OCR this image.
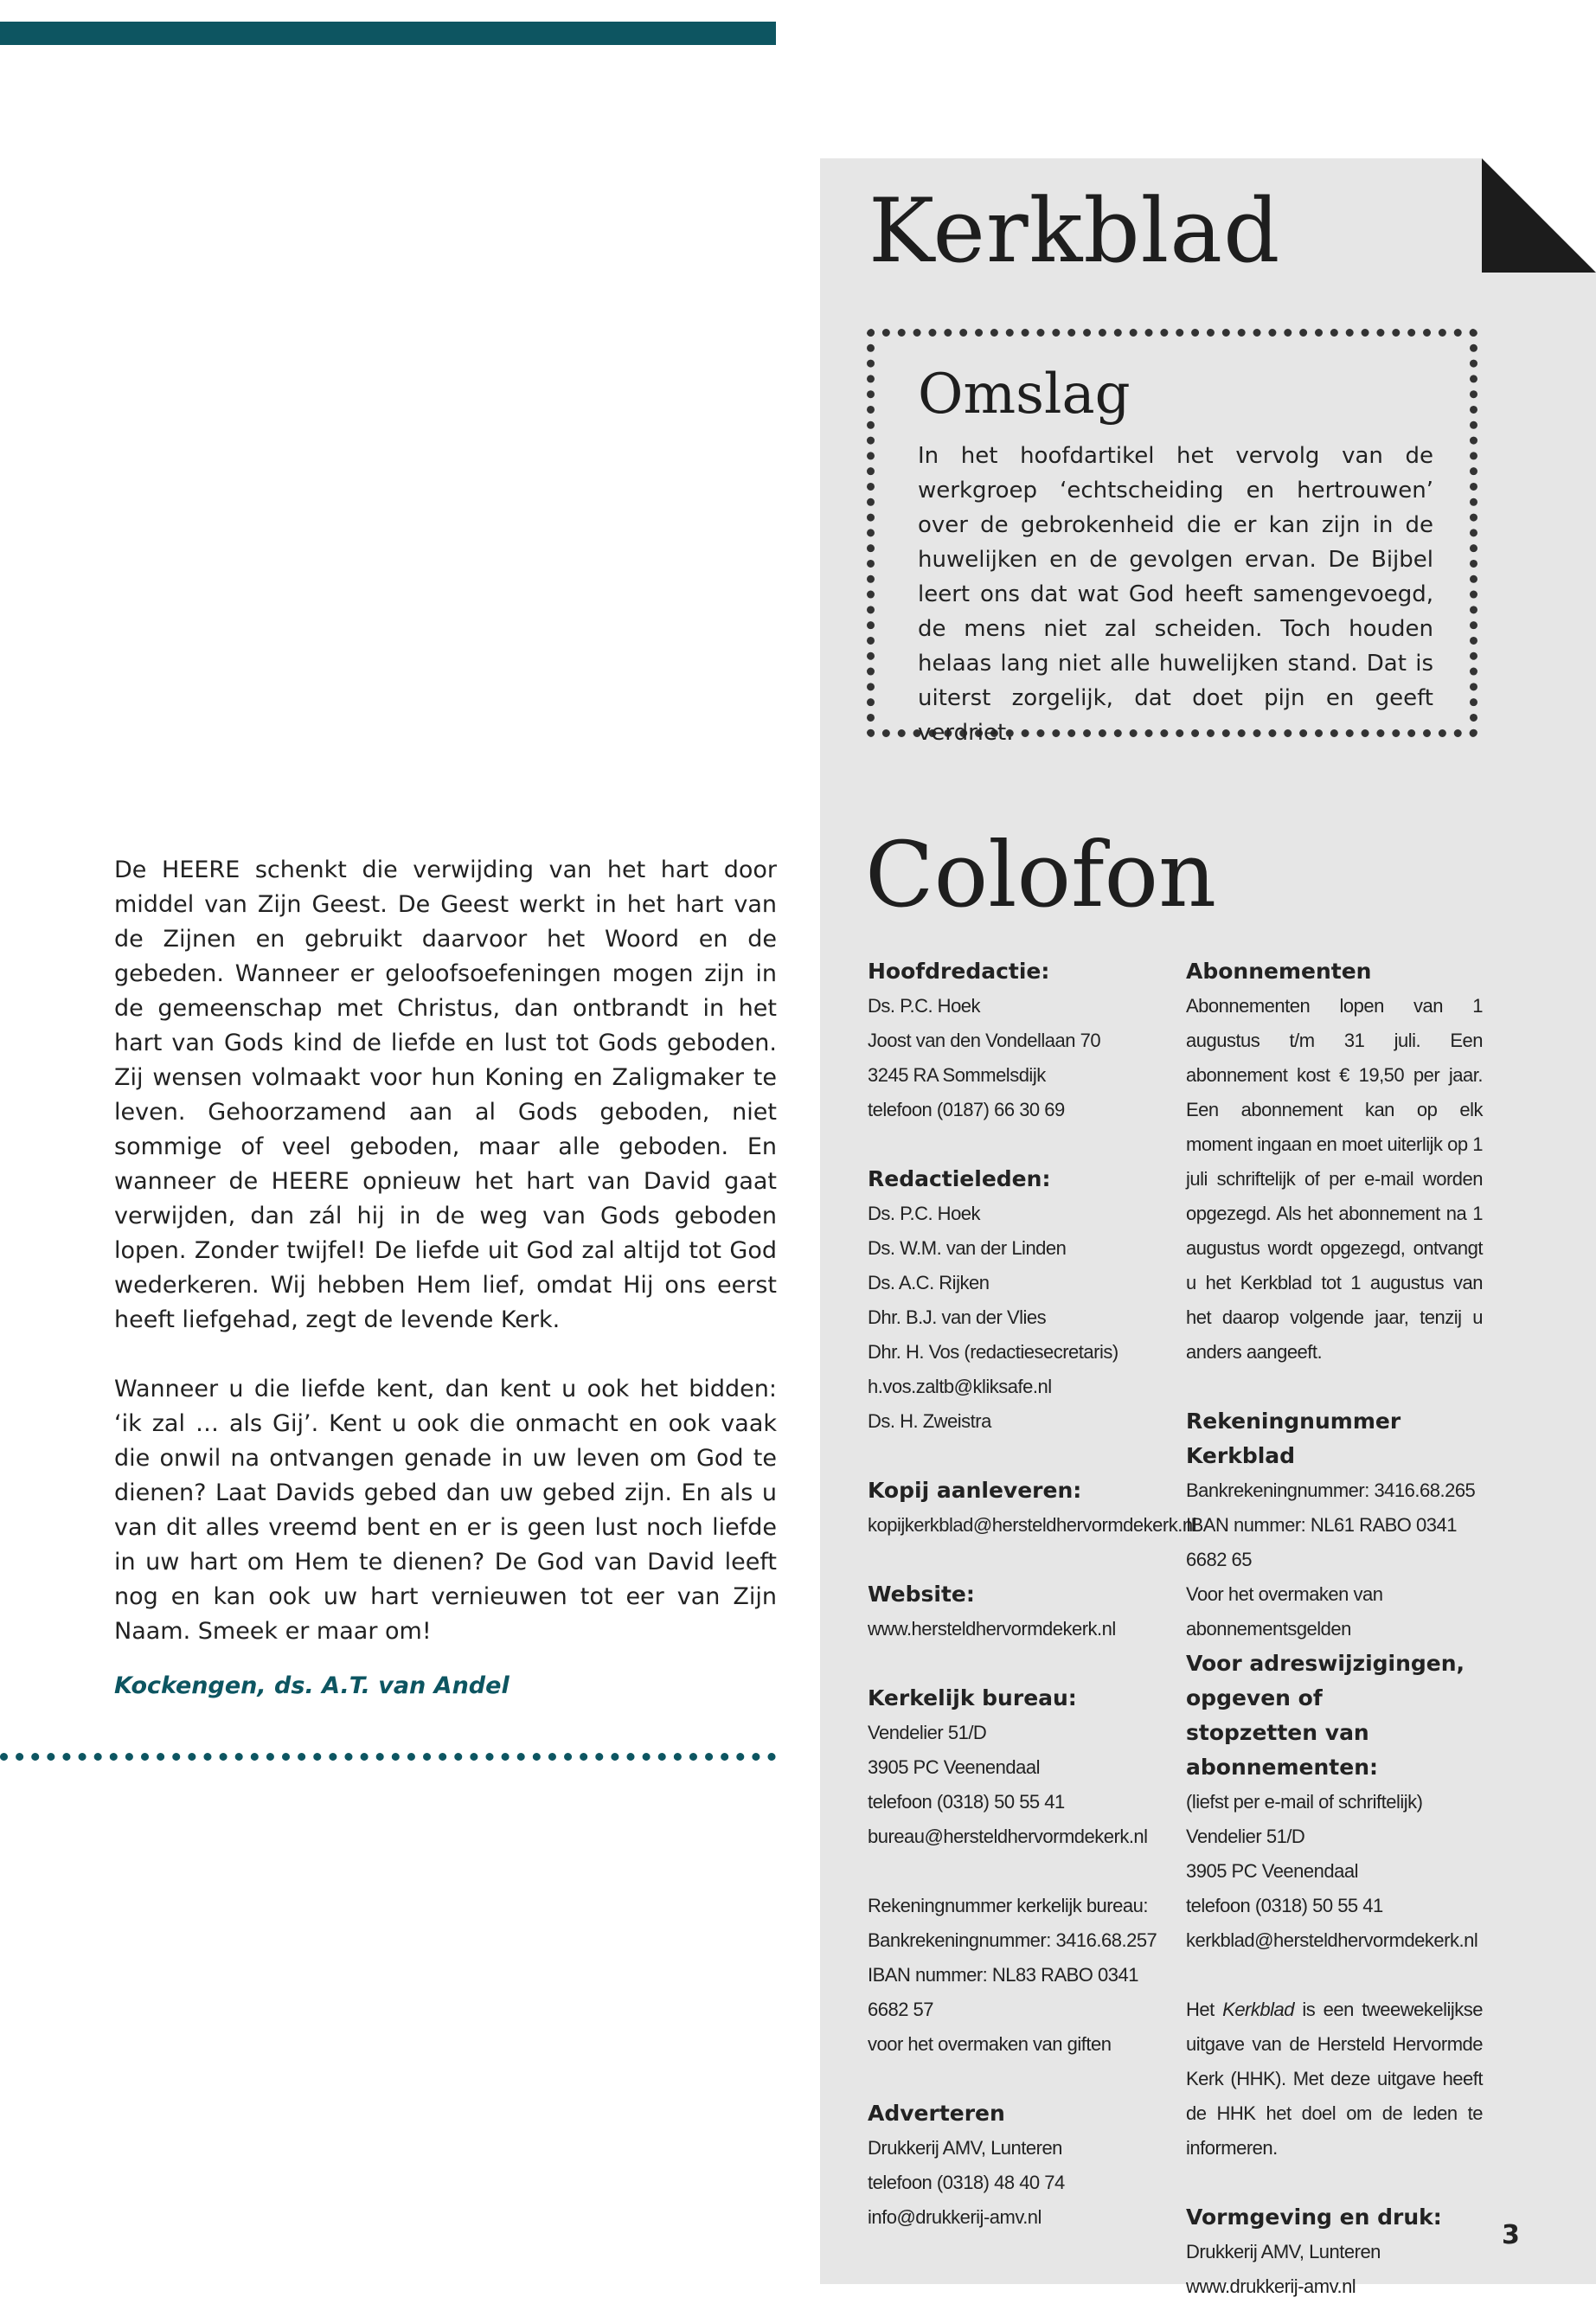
Kerkblad
Omslag

In het hoofdartikel het vervolg van de werkgroep ‘echtscheiding en hertrouwen’ over de gebrokenheid die er kan zijn in de huwelijken en de gevolgen ervan. De Bijbel leert ons dat wat God heeft samengevoegd, de mens niet zal scheiden. Toch houden helaas lang niet alle huwelijken stand. Dat is uiterst zorgelijk, dat doet pijn en geeft verdriet.

De HEERE schenkt die verwijding van het hart door middel van Zijn Geest. De Geest werkt in het hart van de Zijnen en gebruikt daarvoor het Woord en de gebeden. Wanneer er geloofsoefeningen mogen zijn in de gemeenschap met Christus, dan ontbrandt in het hart van Gods kind de liefde en lust tot Gods geboden. Zij wensen volmaakt voor hun Koning en Zaligmaker te leven. Gehoorzamend aan al Gods geboden, niet sommige of veel geboden, maar alle geboden. En wanneer de HEERE opnieuw het hart van David gaat verwijden, dan zál hij in de weg van Gods geboden lopen. Zonder twijfel! De liefde uit God zal altijd tot God wederkeren. Wij hebben Hem lief, omdat Hij ons eerst heeft liefgehad, zegt de levende Kerk.

Wanneer u die liefde kent, dan kent u ook het bidden: ‘ik zal … als Gij’. Kent u ook die onmacht en ook vaak die onwil na ontvangen genade in uw leven om God te dienen? Laat Davids gebed dan uw gebed zijn. En als u van dit alles vreemd bent en er is geen lust noch liefde in uw hart om Hem te dienen? De God van David leeft nog en kan ook uw hart vernieuwen tot eer van Zijn Naam. Smeek er maar om!

Kockengen, ds. A.T. van Andel

Colofon

Hoofdredactie:

Ds. P.C. Hoek

Joost van den Vondellaan 70

3245 RA Sommelsdijk

telefoon (0187) 66 30 69

Redactieleden:

Ds. P.C. Hoek

Ds. W.M. van der Linden

Ds. A.C. Rijken

Dhr. B.J. van der Vlies

Dhr. H. Vos (redactiesecretaris)

h.vos.zaltb@kliksafe.nl

Ds. H. Zweistra

Kopij aanleveren:

kopijkerkblad@hersteldhervormdekerk.nl

Website:

www.hersteldhervormdekerk.nl

Kerkelijk bureau:

Vendelier 51/D

3905 PC Veenendaal

telefoon (0318) 50 55 41

bureau@hersteldhervormdekerk.nl

Rekeningnummer kerkelijk bureau:

Bankrekeningnummer: 3416.68.257

IBAN nummer: NL83 RABO 0341 6682 57

voor het overmaken van giften

Adverteren

Drukkerij AMV, Lunteren

telefoon (0318) 48 40 74

info@drukkerij-amv.nl

Abonnementen

Abonnementen lopen van 1 augustus t/m 31 juli. Een abonnement kost € 19,50 per jaar. Een abonnement kan op elk moment ingaan en moet uiterlijk op 1 juli schriftelijk of per e-mail worden opgezegd. Als het abonnement na 1 augustus wordt opgezegd, ontvangt u het Kerkblad tot 1 augustus van het daarop volgende jaar, tenzij u anders aangeeft.

Rekeningnummer Kerkblad

Bankrekeningnummer: 3416.68.265

IBAN nummer: NL61 RABO 0341 6682 65

Voor het overmaken van

abonnementsgelden

Voor adreswijzigingen,

opgeven of

stopzetten van

abonnementen:

(liefst per e-mail of schriftelijk)

Vendelier 51/D

3905 PC Veenendaal

telefoon (0318) 50 55 41

kerkblad@hersteldhervormdekerk.nl

Het Kerkblad is een tweewekelijkse uitgave van de Hersteld Hervormde Kerk (HHK). Met deze uitgave heeft de HHK het doel om de leden te informeren.

Vormgeving en druk:

Drukkerij AMV, Lunteren

www.drukkerij-amv.nl

3
